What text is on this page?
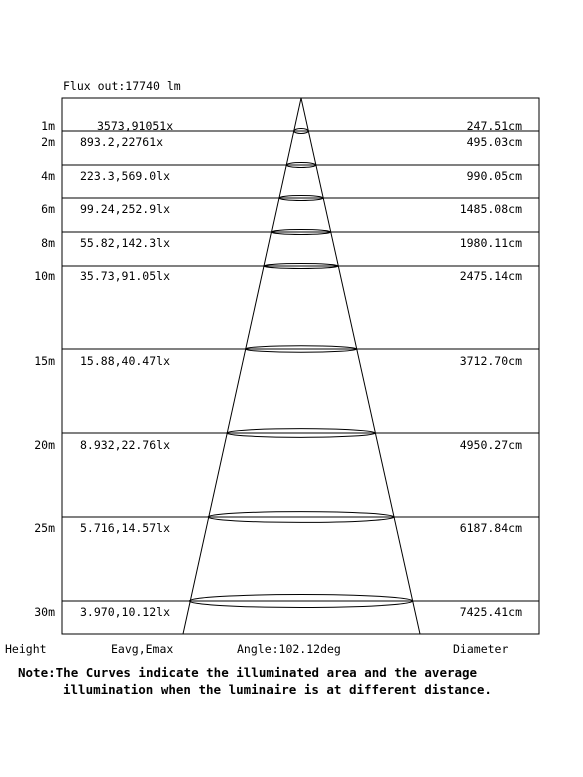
Flux out:17740 lm
1m	3573,91051x	247.51cm
2m 893.2,22761x	495.03cm
4m 223.3,569.0lx	990.05cm
6m 99.24,252.9lx	1485.08cm
8m 55.82,142.3lx	1980.11cm
10m 35.73,91.05lx	2475.14cm
15m 15.88,40.47lx	3712.70cm
20m 8.932,22.76lx	4950.27cm
25m 5.716,14.57lx	6187.84cm
30m 3.970,10.12lx	7425.41cm
Height	Eavg,Emax	Angle:102.12deg	Diameter
Note:The Curves indicate the illuminated area and the average
illumination when the luminaire is at different distance.
